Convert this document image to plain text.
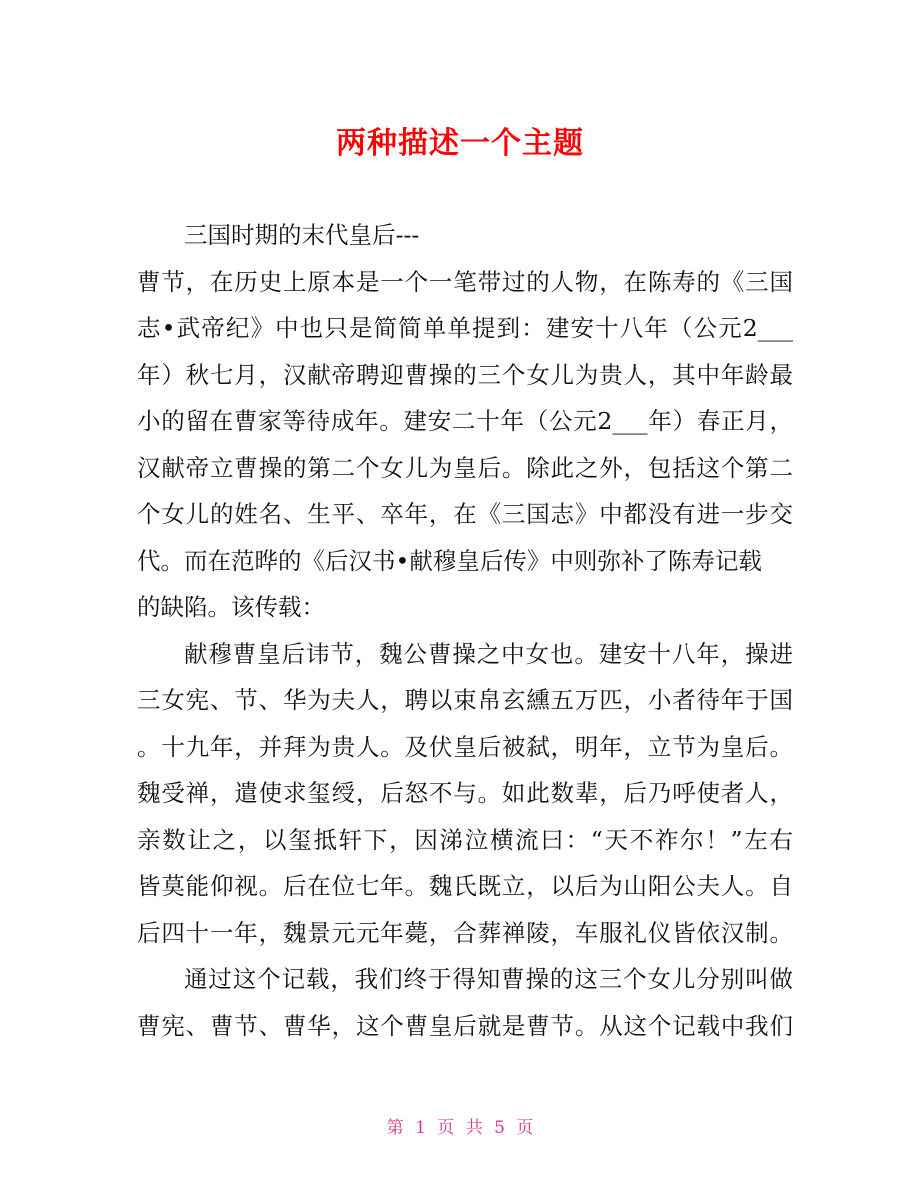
两种描述一个主题
三国时期的末代皇后---
曹节，在历史上原本是一个一笔带过的人物，在陈寿的《三国
志•武帝纪》中也只是简简单单提到：建安十八年（公元2___
年）秋七月，汉献帝聘迎曹操的三个女儿为贵人，其中年龄最
小的留在曹家等待成年。建安二十年（公元2___年）春正月，
汉献帝立曹操的第二个女儿为皇后。除此之外，包括这个第二
个女儿的姓名、生平、卒年，在《三国志》中都没有进一步交
代。而在范晔的《后汉书•献穆皇后传》中则弥补了陈寿记载
的缺陷。该传载：
献穆曹皇后讳节，魏公曹操之中女也。建安十八年，操进
三女宪、节、华为夫人，聘以束帛玄纁五万匹，小者待年于国
。十九年，并拜为贵人。及伏皇后被弑，明年，立节为皇后。
魏受禅，遣使求玺绶，后怒不与。如此数辈，后乃呼使者人，
亲数让之，以玺抵轩下，因涕泣横流曰：“天不祚尔！”左右
皆莫能仰视。后在位七年。魏氏既立，以后为山阳公夫人。自
后四十一年，魏景元元年薨，合葬禅陵，车服礼仪皆依汉制。
通过这个记载，我们终于得知曹操的这三个女儿分别叫做
曹宪、曹节、曹华，这个曹皇后就是曹节。从这个记载中我们
第 1 页 共 5 页
